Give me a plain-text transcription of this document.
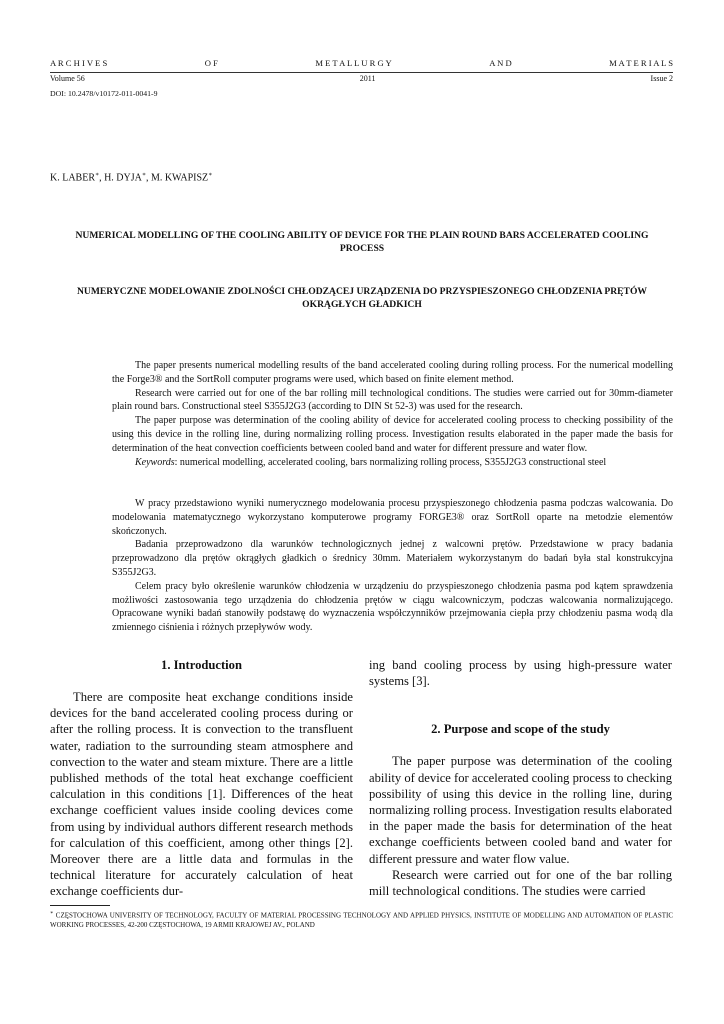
A R C H I V E S	O F	M E T A L L U R G Y	A N D	M A T E R I A L S
Volume 56	2011	Issue 2
DOI: 10.2478/v10172-011-0041-9
K. LABER∗, H. DYJA∗, M. KWAPISZ∗
NUMERICAL MODELLING OF THE COOLING ABILITY OF DEVICE FOR THE PLAIN ROUND BARS ACCELERATED COOLING PROCESS
NUMERYCZNE MODELOWANIE ZDOLNOŚCI CHŁODZĄCEJ URZĄDZENIA DO PRZYSPIESZONEGO CHŁODZENIA PRĘTÓW OKRĄGŁYCH GŁADKICH

The paper presents numerical modelling results of the band accelerated cooling during rolling process. For the numerical modelling the Forge3® and the SortRoll computer programs were used, which based on finite element method.

Research were carried out for one of the bar rolling mill technological conditions. The studies were carried out for 30mm-diameter plain round bars. Constructional steel S355J2G3 (according to DIN St 52-3) was used for the research.

The paper purpose was determination of the cooling ability of device for accelerated cooling process to checking possibility of the using this device in the rolling line, during normalizing rolling process. Investigation results elaborated in the paper made the basis for determination of the heat convection coefficients between cooled band and water for different pressure and water flow.

Keywords: numerical modelling, accelerated cooling, bars normalizing rolling process, S355J2G3 constructional steel

W pracy przedstawiono wyniki numerycznego modelowania procesu przyspieszonego chłodzenia pasma podczas walcowania. Do modelowania matematycznego wykorzystano komputerowe programy FORGE3® oraz SortRoll oparte na metodzie elementów skończonych.

Badania przeprowadzono dla warunków technologicznych jednej z walcowni prętów. Przedstawione w pracy badania przeprowadzono dla prętów okrągłych gładkich o średnicy 30mm. Materiałem wykorzystanym do badań była stal konstrukcyjna S355J2G3.

Celem pracy było określenie warunków chłodzenia w urządzeniu do przyspieszonego chłodzenia pasma pod kątem sprawdzenia możliwości zastosowania tego urządzenia do chłodzenia prętów w ciągu walcowniczym, podczas walcowania normalizującego. Opracowane wyniki badań stanowiły podstawę do wyznaczenia współczynników przejmowania ciepła przy chłodzeniu pasma wodą dla zmiennego ciśnienia i różnych przepływów wody.

1. Introduction

There are composite heat exchange conditions inside devices for the band accelerated cooling process during or after the rolling process. It is convection to the transfluent water, radiation to the surrounding steam atmosphere and convection to the water and steam mixture. There are a little published methods of the total heat exchange coefficient calculation in this conditions [1]. Differences of the heat exchange coefficient values inside cooling devices come from using by individual authors different research methods for calculation of this coefficient, among other things [2]. Moreover there are a little data and formulas in the technical literature for accurately calculation of heat exchange coefficients dur-

ing band cooling process by using high-pressure water systems [3].

2. Purpose and scope of the study

The paper purpose was determination of the cooling ability of device for accelerated cooling process to checking possibility of using this device in the rolling line, during normalizing rolling process. Investigation results elaborated in the paper made the basis for determination of the heat exchange coefficients between cooled band and water for different pressure and water flow value.

Research were carried out for one of the bar rolling mill technological conditions. The studies were carried

∗ CZĘSTOCHOWA UNIVERSITY OF TECHNOLOGY, FACULTY OF MATERIAL PROCESSING TECHNOLOGY AND APPLIED PHYSICS, INSTITUTE OF MODELLING AND AUTOMATION OF PLASTIC WORKING PROCESSES, 42-200 CZĘSTOCHOWA, 19 ARMII KRAJOWEJ AV., POLAND
